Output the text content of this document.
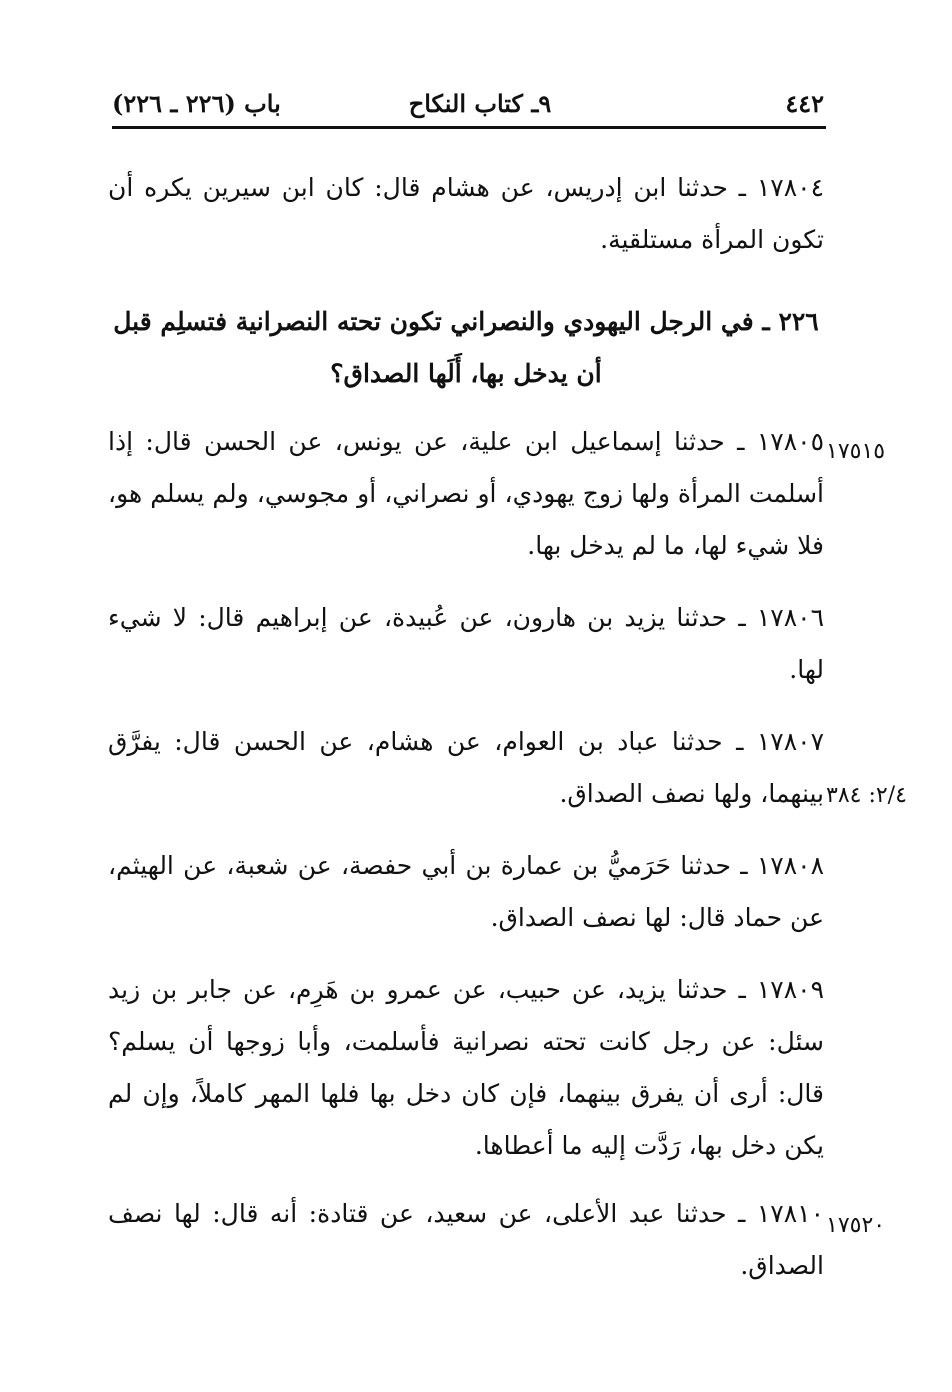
٤٤٢
٩ـ كتاب النكاح
باب (٢٢٦ ـ ٢٢٦)

١٧٨٠٤ ـ حدثنا ابن إدريس، عن هشام قال: كان ابن سيرين يكره أن تكون المرأة مستلقية.

٢٢٦ ـ في الرجل اليهودي والنصراني تكون تحته النصرانية فتسلِم قبل أن يدخل بها، أَلَها الصداق؟

١٧٨٠٥ ـ حدثنا إسماعيل ابن علية، عن يونس، عن الحسن قال: إذا أسلمت المرأة ولها زوج يهودي، أو نصراني، أو مجوسي، ولم يسلم هو، فلا شيء لها، ما لم يدخل بها.

١٧٨٠٦ ـ حدثنا يزيد بن هارون، عن عُبيدة، عن إبراهيم قال: لا شيء لها.

١٧٨٠٧ ـ حدثنا عباد بن العوام، عن هشام، عن الحسن قال: يفرَّق بينهما، ولها نصف الصداق.

١٧٨٠٨ ـ حدثنا حَرَميُّ بن عمارة بن أبي حفصة، عن شعبة، عن الهيثم، عن حماد قال: لها نصف الصداق.

١٧٨٠٩ ـ حدثنا يزيد، عن حبيب، عن عمرو بن هَرِم، عن جابر بن زيد سئل: عن رجل كانت تحته نصرانية فأسلمت، وأبا زوجها أن يسلم؟ قال: أرى أن يفرق بينهما، فإن كان دخل بها فلها المهر كاملاً، وإن لم يكن دخل بها، رَدَّت إليه ما أعطاها.

١٧٨١٠ ـ حدثنا عبد الأعلى، عن سعيد، عن قتادة: أنه قال: لها نصف الصداق.

١٧٥١٥
٢/٤: ٣٨٤
١٧٥٢٠
